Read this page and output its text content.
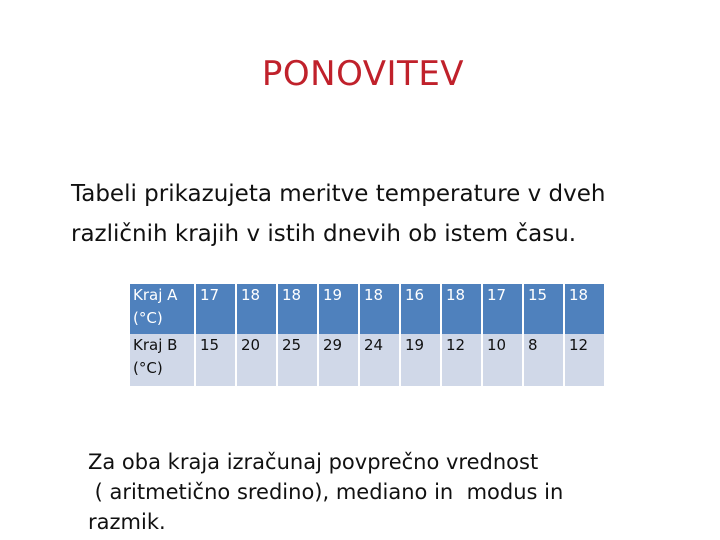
PONOVITEV
Tabeli prikazujeta meritve temperature v dveh
različnih krajih v istih dnevih ob istem času.
Kraj A
(°C)	17	18	18	19	18	16	18	17	15	18

Kraj B
(°C)	15	20	25	29	24	19	12	10	8	12
Za oba kraja izračunaj povprečno vrednost
( aritmetično sredino), mediano in  modus in
razmik.
